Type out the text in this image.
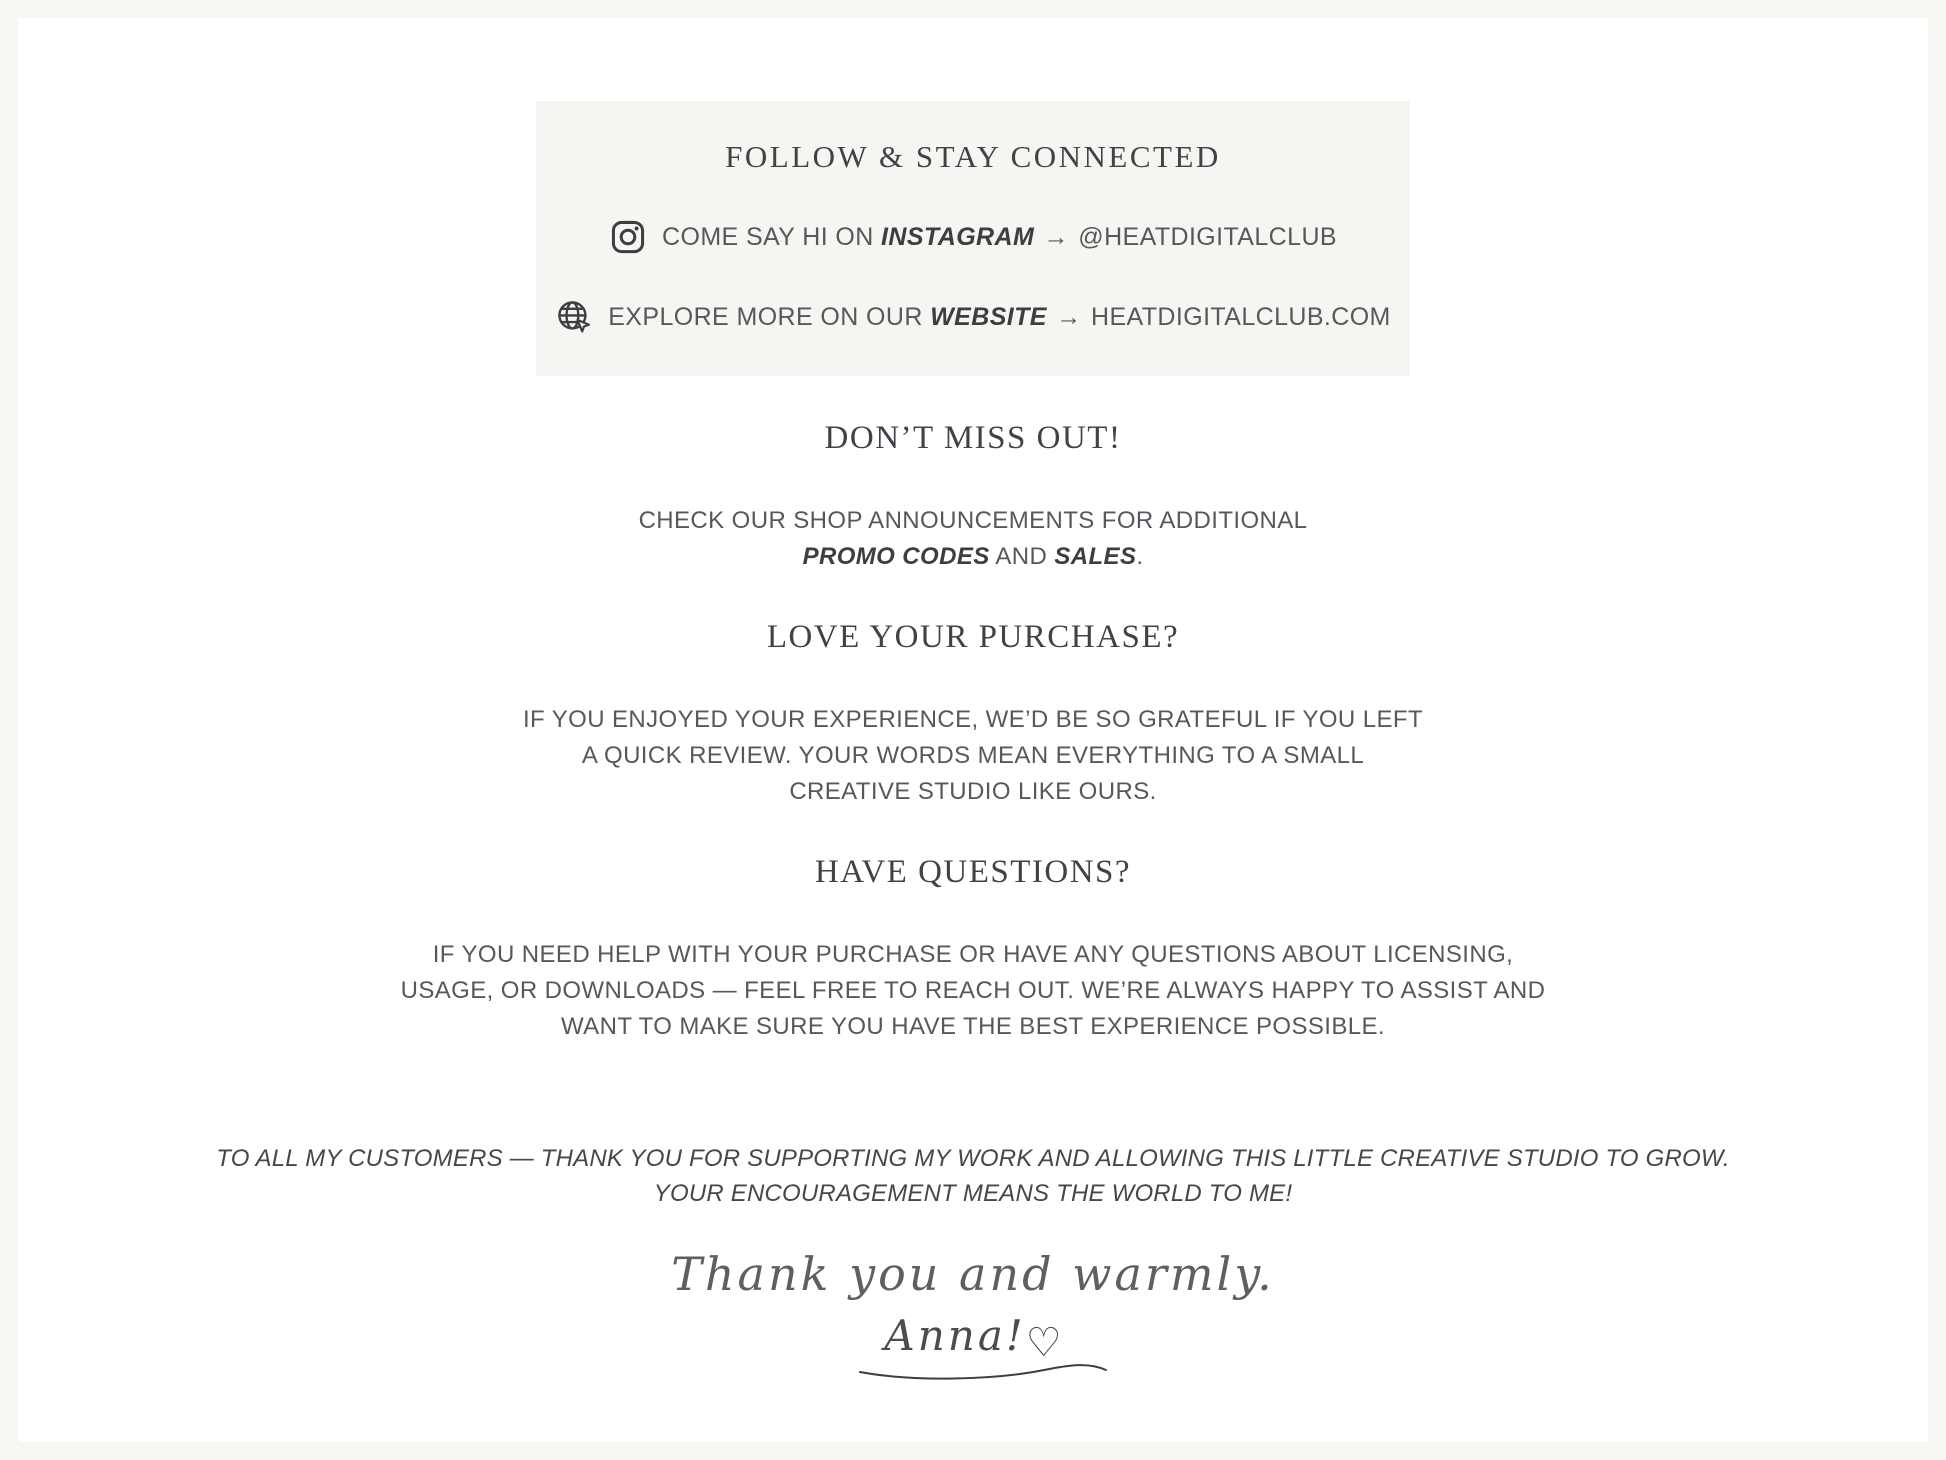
FOLLOW & STAY CONNECTED
COME SAY HI ON INSTAGRAM → @HEATDIGITALCLUB
EXPLORE MORE ON OUR WEBSITE → HEATDIGITALCLUB.COM
DON’T MISS OUT!
CHECK OUR SHOP ANNOUNCEMENTS FOR ADDITIONAL
PROMO CODES AND SALES.
LOVE YOUR PURCHASE?
IF YOU ENJOYED YOUR EXPERIENCE, WE’D BE SO GRATEFUL IF YOU LEFT
A QUICK REVIEW. YOUR WORDS MEAN EVERYTHING TO A SMALL
CREATIVE STUDIO LIKE OURS.
HAVE QUESTIONS?
IF YOU NEED HELP WITH YOUR PURCHASE OR HAVE ANY QUESTIONS ABOUT LICENSING,
USAGE, OR DOWNLOADS — FEEL FREE TO REACH OUT. WE’RE ALWAYS HAPPY TO ASSIST AND
WANT TO MAKE SURE YOU HAVE THE BEST EXPERIENCE POSSIBLE.
TO ALL MY CUSTOMERS — THANK YOU FOR SUPPORTING MY WORK AND ALLOWING THIS LITTLE CREATIVE STUDIO TO GROW.
YOUR ENCOURAGEMENT MEANS THE WORLD TO ME!
Thank you and warmly.
Anna!♡
